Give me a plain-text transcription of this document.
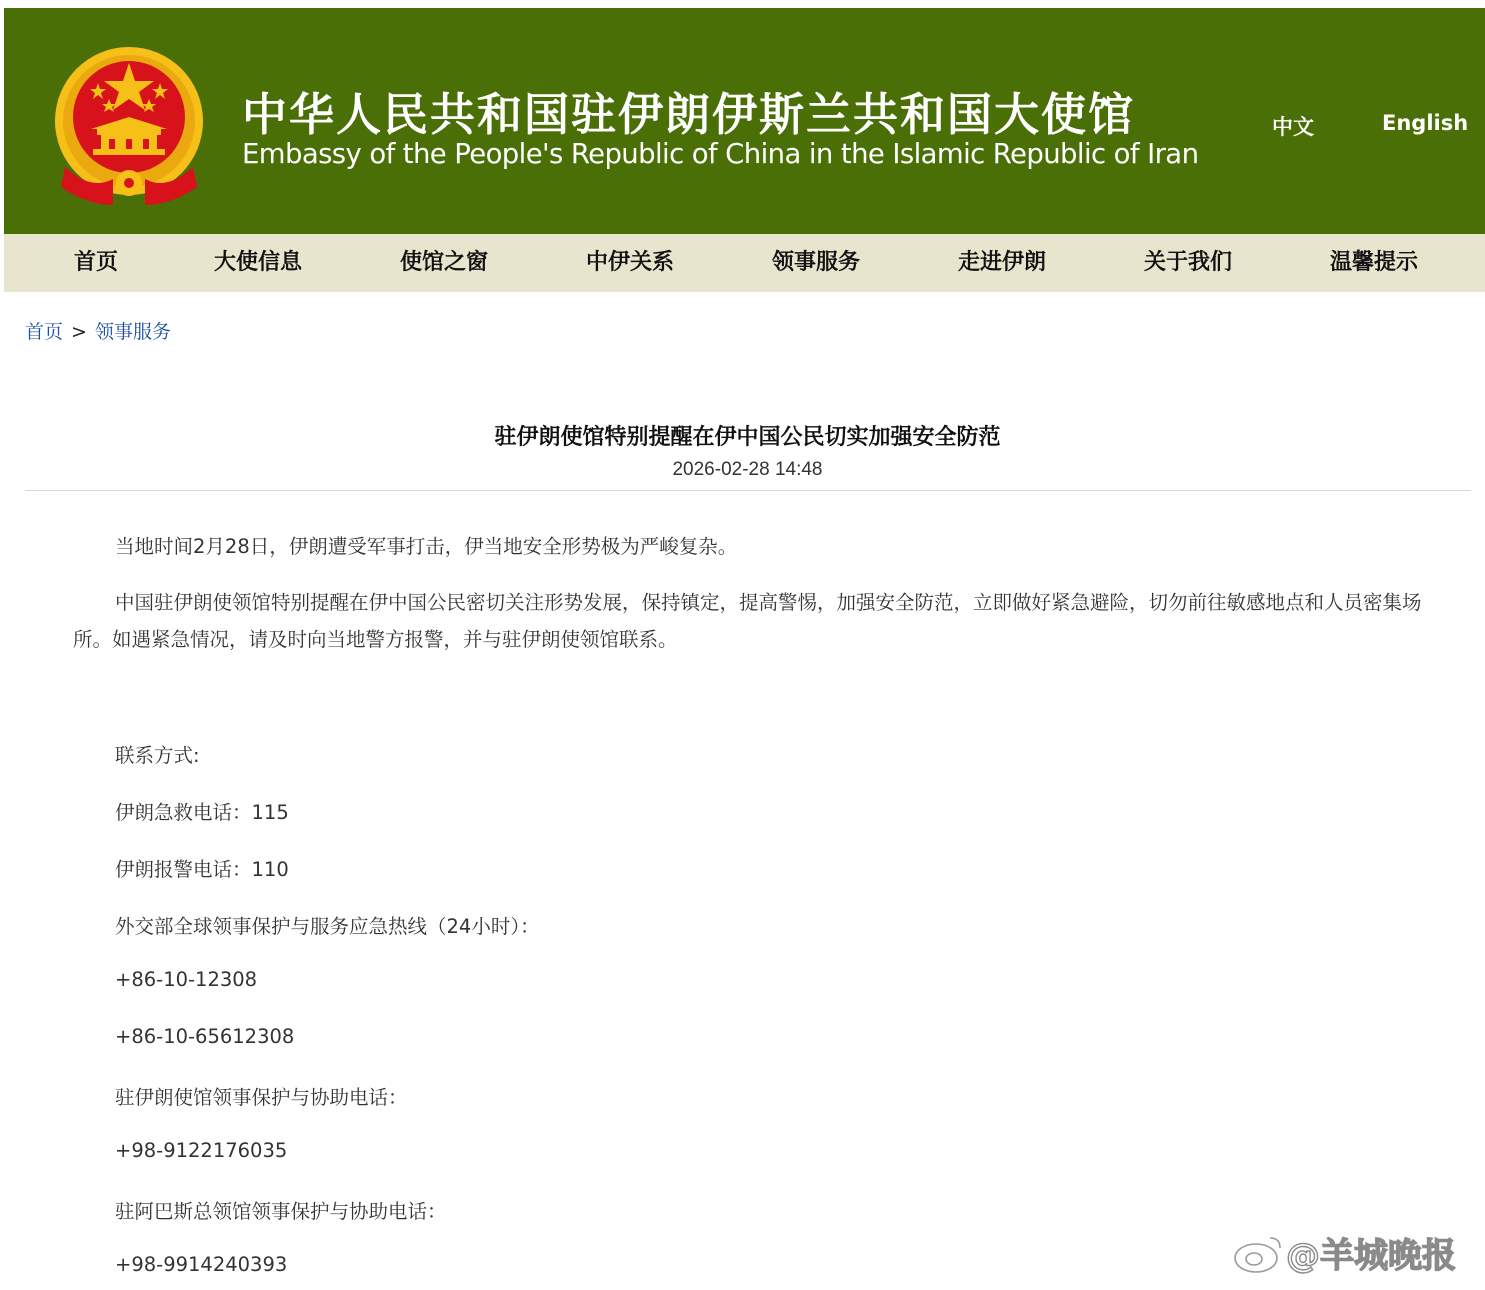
中华人民共和国驻伊朗伊斯兰共和国大使馆
Embassy of the People's Republic of China in the Islamic Republic of Iran
中文	English
首页	大使信息	使馆之窗	中伊关系	领事服务	走进伊朗	关于我们	温馨提示
首页 > 领事服务
驻伊朗使馆特别提醒在伊中国公民切实加强安全防范
2026-02-28 14:48
当地时间2月28日，伊朗遭受军事打击，伊当地安全形势极为严峻复杂。
中国驻伊朗使领馆特别提醒在伊中国公民密切关注形势发展，保持镇定，提高警惕，加强安全防范，立即做好紧急避险，切勿前往敏感地点和人员密集场所。如遇紧急情况，请及时向当地警方报警，并与驻伊朗使领馆联系。
联系方式:
伊朗急救电话：115
伊朗报警电话：110
外交部全球领事保护与服务应急热线（24小时）：
+86-10-12308
+86-10-65612308
驻伊朗使馆领事保护与协助电话：
+98-9122176035
驻阿巴斯总领馆领事保护与协助电话：
+98-9914240393	@羊城晚报
